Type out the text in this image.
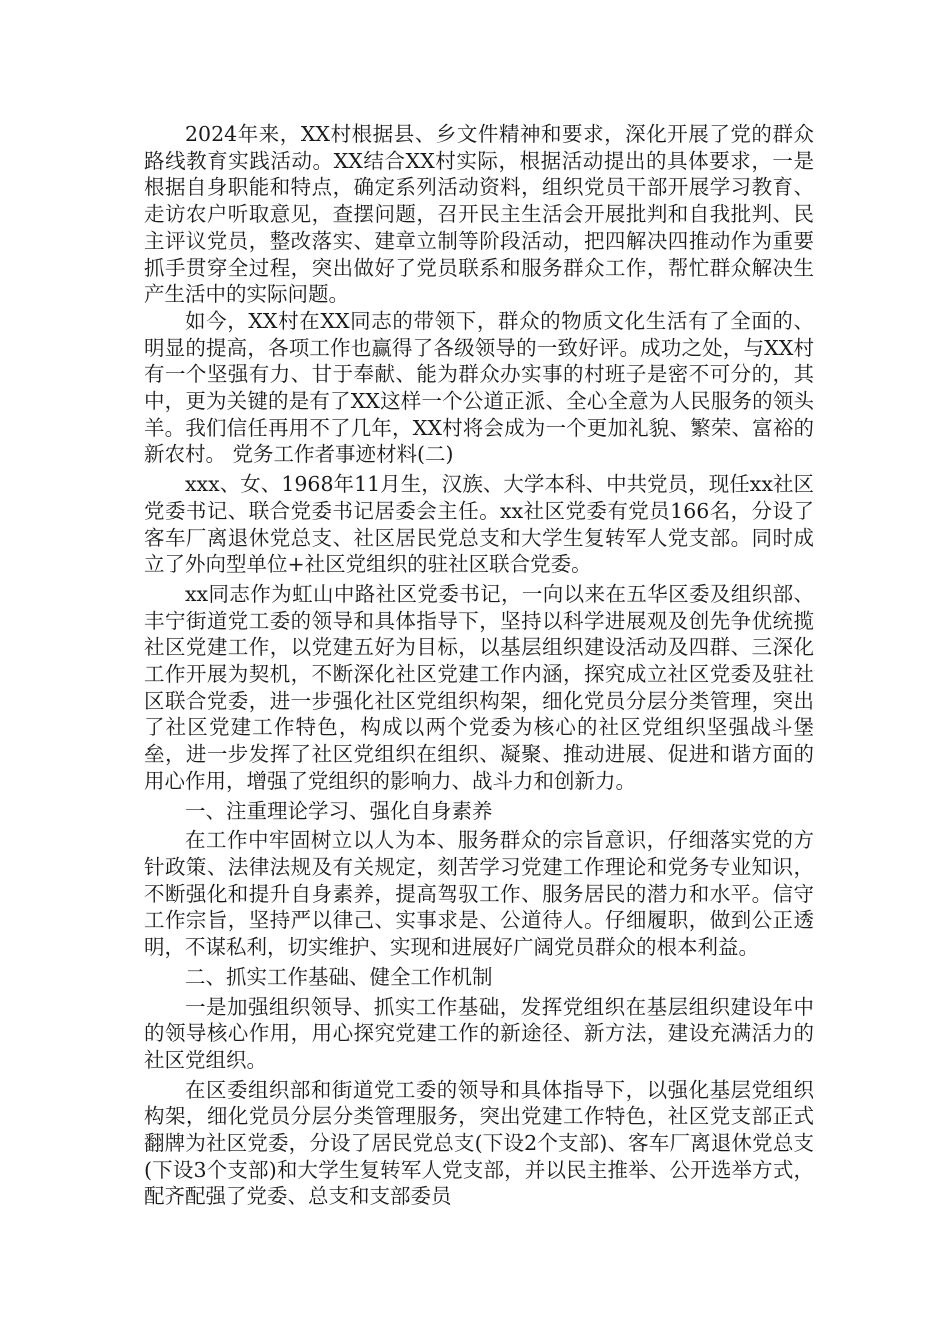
2024年来，XX村根据县、乡文件精神和要求，深化开展了党的群众路线教育实践活动。XX结合XX村实际，根据活动提出的具体要求，一是根据自身职能和特点，确定系列活动资料，组织党员干部开展学习教育、走访农户听取意见，查摆问题，召开民主生活会开展批判和自我批判、民主评议党员，整改落实、建章立制等阶段活动，把四解决四推动作为重要抓手贯穿全过程，突出做好了党员联系和服务群众工作，帮忙群众解决生产生活中的实际问题。

如今，XX村在XX同志的带领下，群众的物质文化生活有了全面的、明显的提高，各项工作也赢得了各级领导的一致好评。成功之处，与XX村有一个坚强有力、甘于奉献、能为群众办实事的村班子是密不可分的，其中，更为关键的是有了XX这样一个公道正派、全心全意为人民服务的领头羊。我们信任再用不了几年，XX村将会成为一个更加礼貌、繁荣、富裕的新农村。 党务工作者事迹材料(二)

xxx、女、1968年11月生，汉族、大学本科、中共党员，现任xx社区党委书记、联合党委书记居委会主任。xx社区党委有党员166名，分设了客车厂离退休党总支、社区居民党总支和大学生复转军人党支部。同时成立了外向型单位+社区党组织的驻社区联合党委。

xx同志作为虹山中路社区党委书记，一向以来在五华区委及组织部、丰宁街道党工委的领导和具体指导下，坚持以科学进展观及创先争优统揽社区党建工作，以党建五好为目标，以基层组织建设活动及四群、三深化工作开展为契机，不断深化社区党建工作内涵，探究成立社区党委及驻社区联合党委，进一步强化社区党组织构架，细化党员分层分类管理，突出了社区党建工作特色，构成以两个党委为核心的社区党组织坚强战斗堡垒，进一步发挥了社区党组织在组织、凝聚、推动进展、促进和谐方面的用心作用，增强了党组织的影响力、战斗力和创新力。

一、注重理论学习、强化自身素养

在工作中牢固树立以人为本、服务群众的宗旨意识，仔细落实党的方针政策、法律法规及有关规定，刻苦学习党建工作理论和党务专业知识，不断强化和提升自身素养，提高驾驭工作、服务居民的潜力和水平。信守工作宗旨，坚持严以律己、实事求是、公道待人。仔细履职，做到公正透明，不谋私利，切实维护、实现和进展好广阔党员群众的根本利益。

二、抓实工作基础、健全工作机制

一是加强组织领导、抓实工作基础，发挥党组织在基层组织建设年中的领导核心作用，用心探究党建工作的新途径、新方法，建设充满活力的社区党组织。

在区委组织部和街道党工委的领导和具体指导下，以强化基层党组织构架，细化党员分层分类管理服务，突出党建工作特色，社区党支部正式翻牌为社区党委，分设了居民党总支(下设2个支部)、客车厂离退休党总支(下设3个支部)和大学生复转军人党支部，并以民主推举、公开选举方式，配齐配强了党委、总支和支部委员
